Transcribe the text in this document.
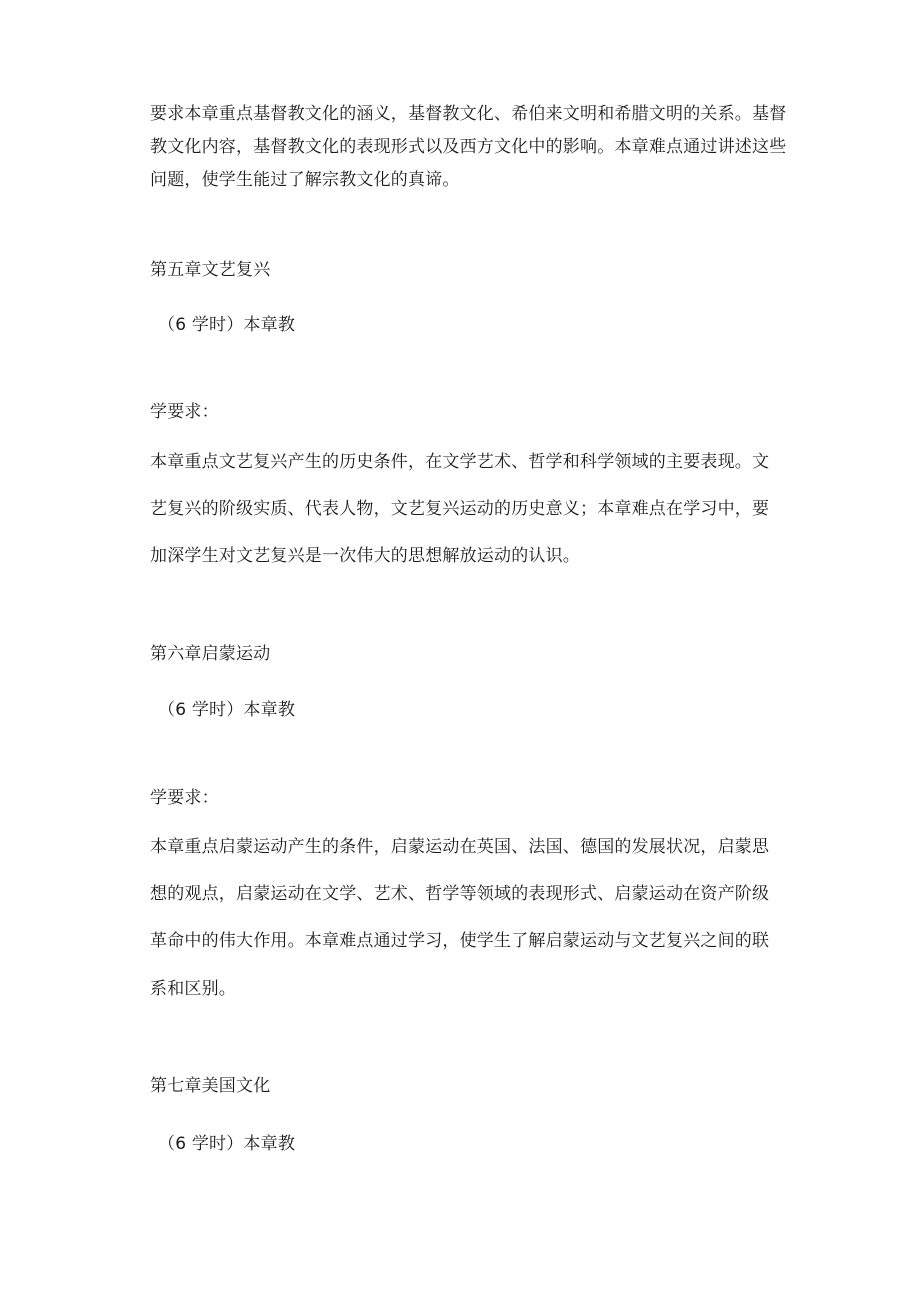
要求本章重点基督教文化的涵义，基督教文化、希伯来文明和希腊文明的关系。基督
教文化内容，基督教文化的表现形式以及西方文化中的影响。本章难点通过讲述这些
问题，使学生能过了解宗教文化的真谛。
第五章文艺复兴
（6 学时）本章教
学要求：
本章重点文艺复兴产生的历史条件，在文学艺术、哲学和科学领域的主要表现。文
艺复兴的阶级实质、代表人物，文艺复兴运动的历史意义；本章难点在学习中，要
加深学生对文艺复兴是一次伟大的思想解放运动的认识。
第六章启蒙运动
（6 学时）本章教
学要求：
本章重点启蒙运动产生的条件，启蒙运动在英国、法国、德国的发展状况，启蒙思
想的观点，启蒙运动在文学、艺术、哲学等领域的表现形式、启蒙运动在资产阶级
革命中的伟大作用。本章难点通过学习，使学生了解启蒙运动与文艺复兴之间的联
系和区别。
第七章美国文化
（6 学时）本章教
